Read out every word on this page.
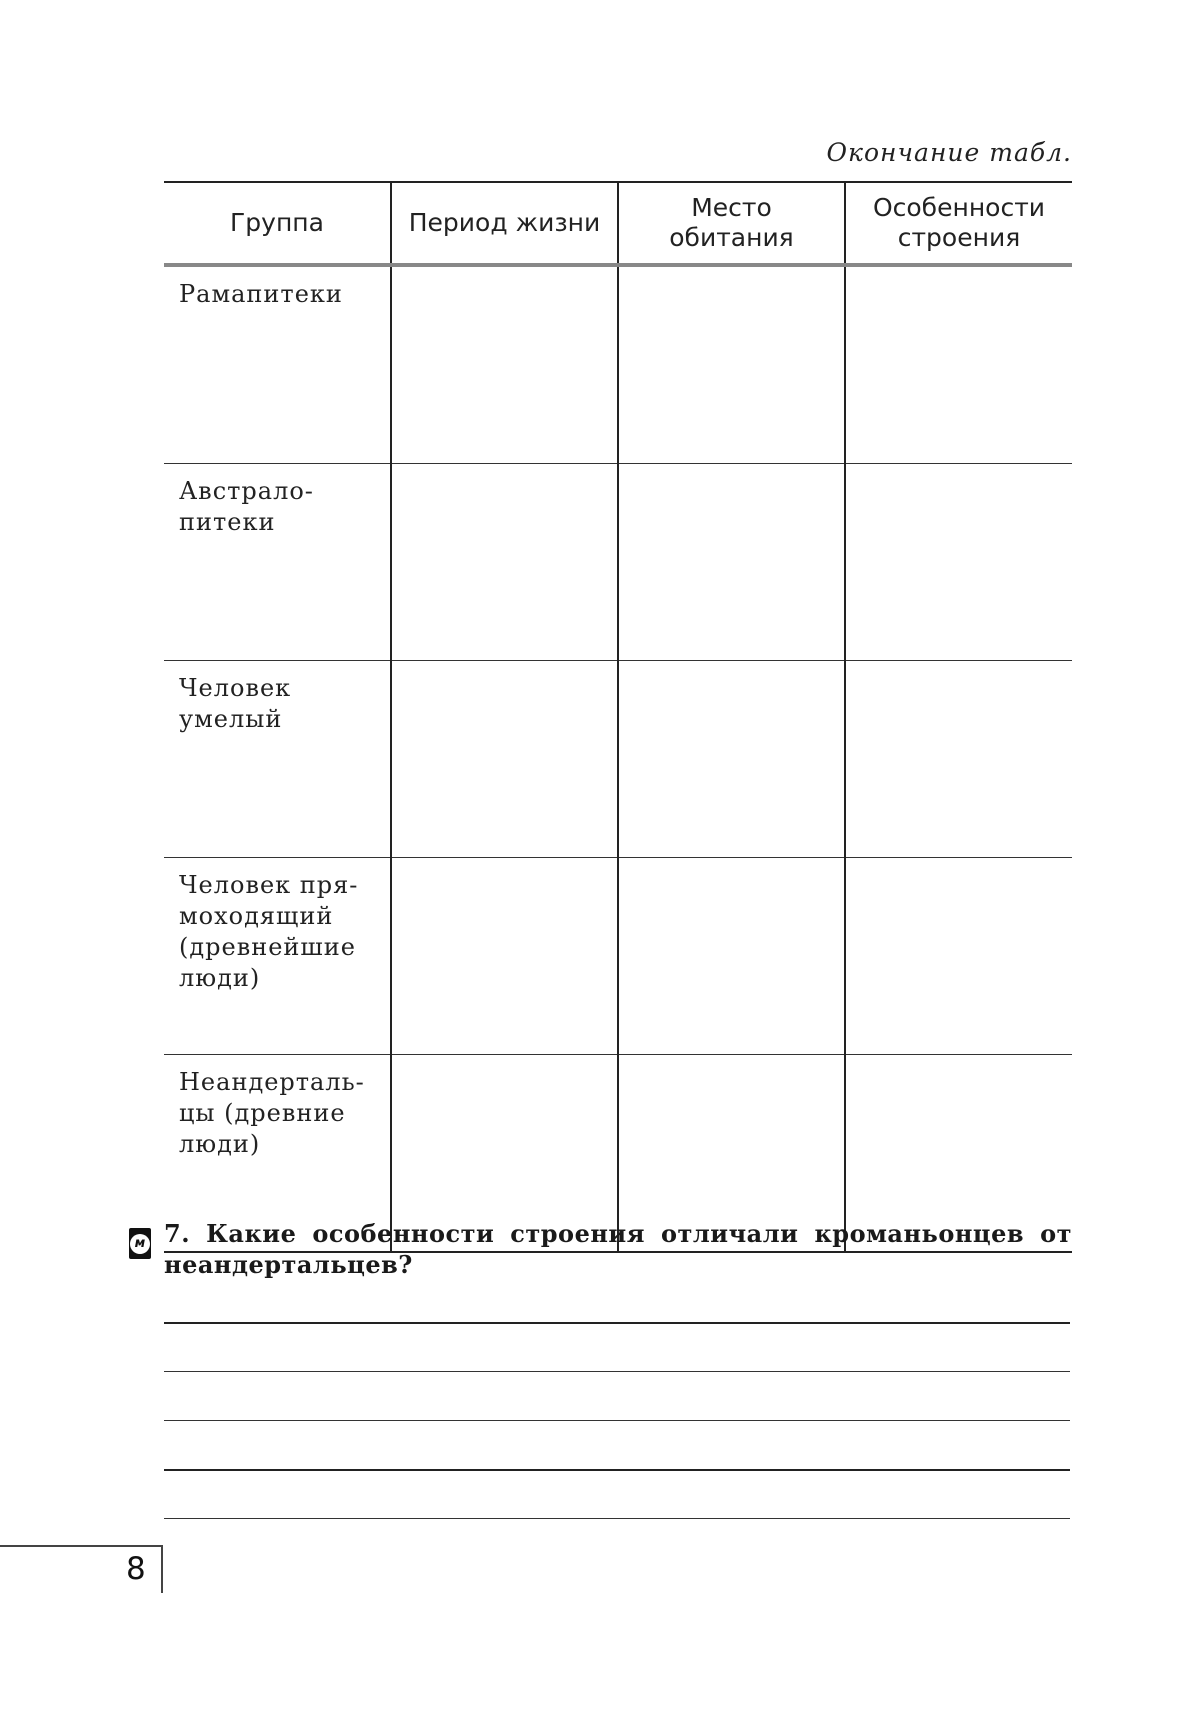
Окончание табл.
Группа	Период жизни	Место обитания	Особенности строения
Рамапитеки			
Австрало-питеки			
Человек умелый			
Человек пря-моходящий (древнейшие люди)			
Неандерталь-цы (древние люди)			
м 7. Какие особенности строения отличали кроманьонцев от неандертальцев?
8
